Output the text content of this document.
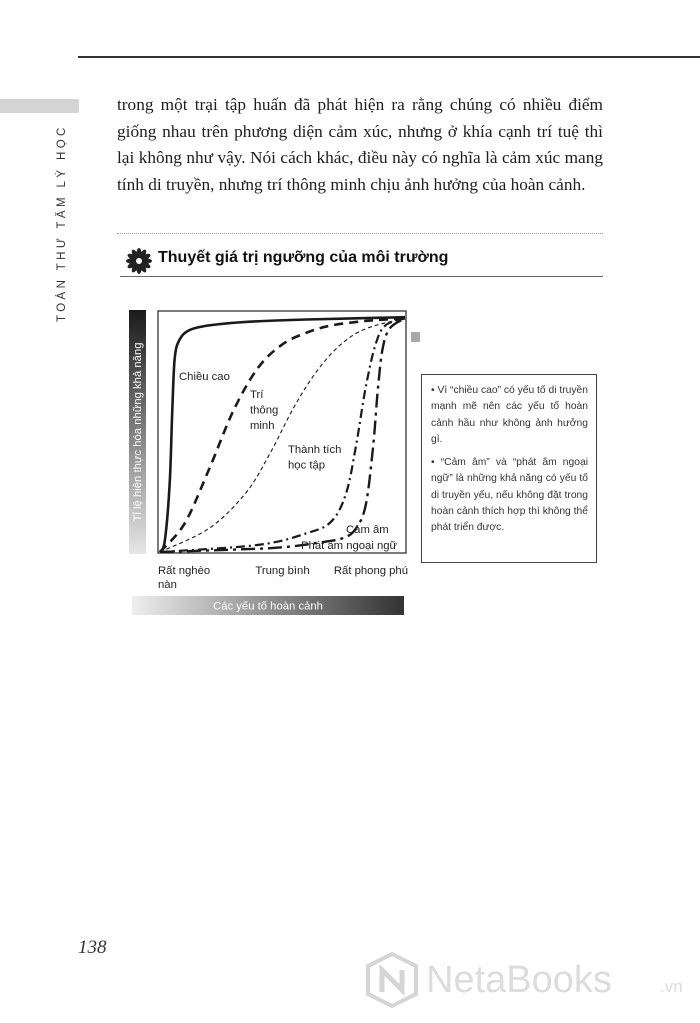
TOÀN THƯ TÂM LÝ HỌC

trong một trại tập huấn đã phát hiện ra rằng chúng có nhiều điểm giống nhau trên phương diện cảm xúc, nhưng ở khía cạnh trí tuệ thì lại không như vậy. Nói cách khác, điều này có nghĩa là cảm xúc mang tính di truyền, nhưng trí thông minh chịu ảnh hưởng của hoàn cảnh.

Thuyết giá trị ngưỡng của môi trường
Tỉ lệ hiện thực hóa những khả năng	Chiều cao
Trí thông minh
Thành tích học tập
Cảm âm
Phát âm ngoại ngữ
Rất nghèo nàn
Trung bình Rất phong phú
Các yếu tố hoàn cảnh

• Vì “chiều cao” có yếu tố di truyền mạnh mẽ nên các yếu tố hoàn cảnh hầu như không ảnh hưởng gì.

• “Cảm âm” và “phát âm ngoại ngữ” là những khả năng có yếu tố di truyền yếu, nếu không đặt trong hoàn cảnh thích hợp thì không thể phát triển được.

138
NetaBooks	.vn
